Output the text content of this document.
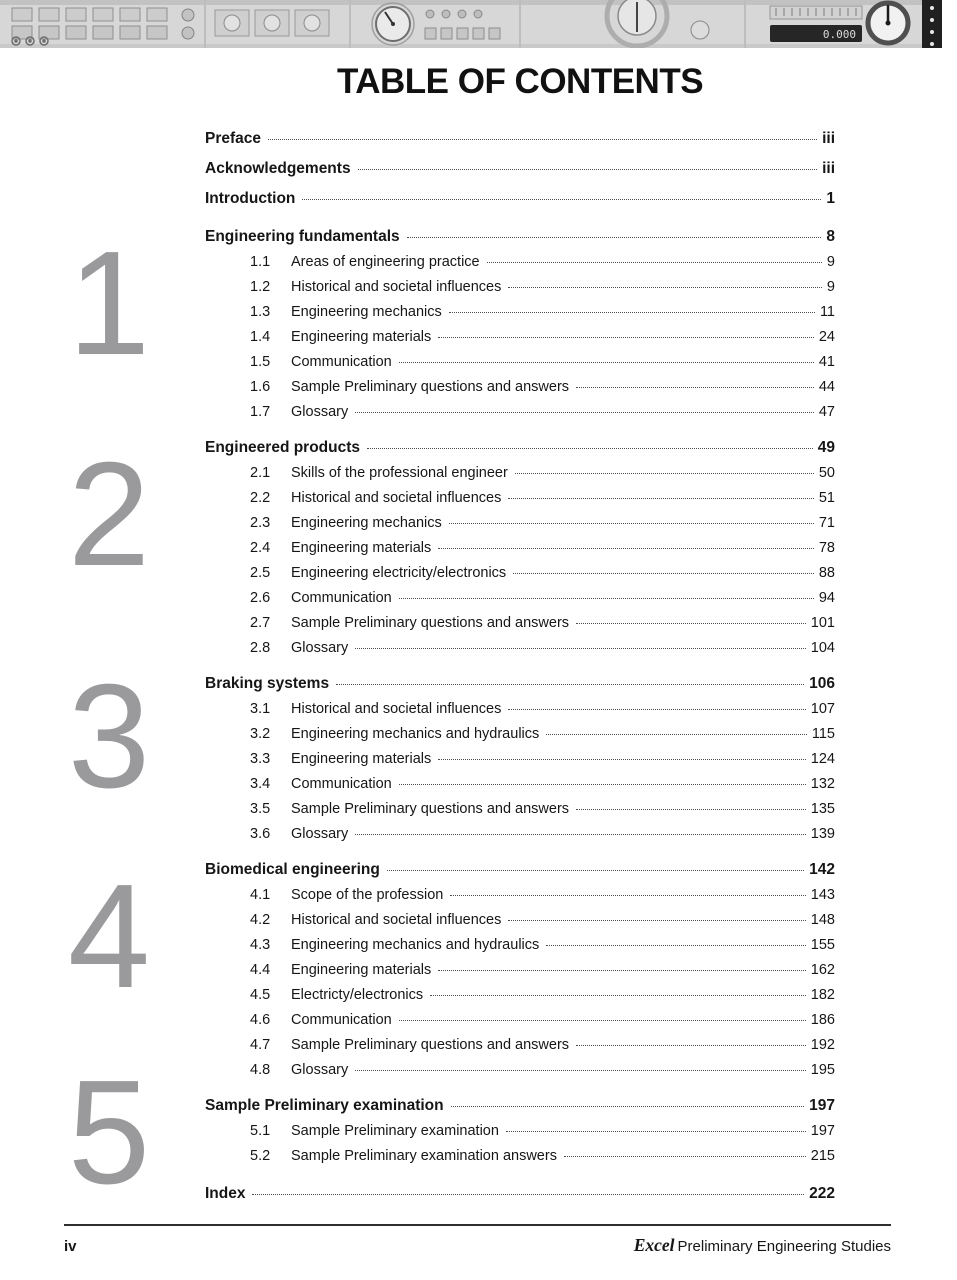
0.000
TABLE OF CONTENTS
Preface	iii
Acknowledgements	iii
Introduction	1
1	Engineering fundamentals	8
1.1	Areas of engineering practice	9
1.2	Historical and societal influences	9
1.3	Engineering mechanics	11
1.4	Engineering materials	24
1.5	Communication	41
1.6	Sample Preliminary questions and answers	44
1.7	Glossary	47
2	Engineered products	49
2.1	Skills of the professional engineer	50
2.2	Historical and societal influences	51
2.3	Engineering mechanics	71
2.4	Engineering materials	78
2.5	Engineering electricity/electronics	88
2.6	Communication	94
2.7	Sample Preliminary questions and answers	101
2.8	Glossary	104
3	Braking systems	106
3.1	Historical and societal influences	107
3.2	Engineering mechanics and hydraulics	115
3.3	Engineering materials	124
3.4	Communication	132
3.5	Sample Preliminary questions and answers	135
3.6	Glossary	139
4	Biomedical engineering	142
4.1	Scope of the profession	143
4.2	Historical and societal influences	148
4.3	Engineering mechanics and hydraulics	155
4.4	Engineering materials	162
4.5	Electricty/electronics	182
4.6	Communication	186
4.7	Sample Preliminary questions and answers	192
4.8	Glossary	195
5	Sample Preliminary examination	197
5.1	Sample Preliminary examination	197
5.2	Sample Preliminary examination answers	215
Index	222
iv	Excel Preliminary Engineering Studies
